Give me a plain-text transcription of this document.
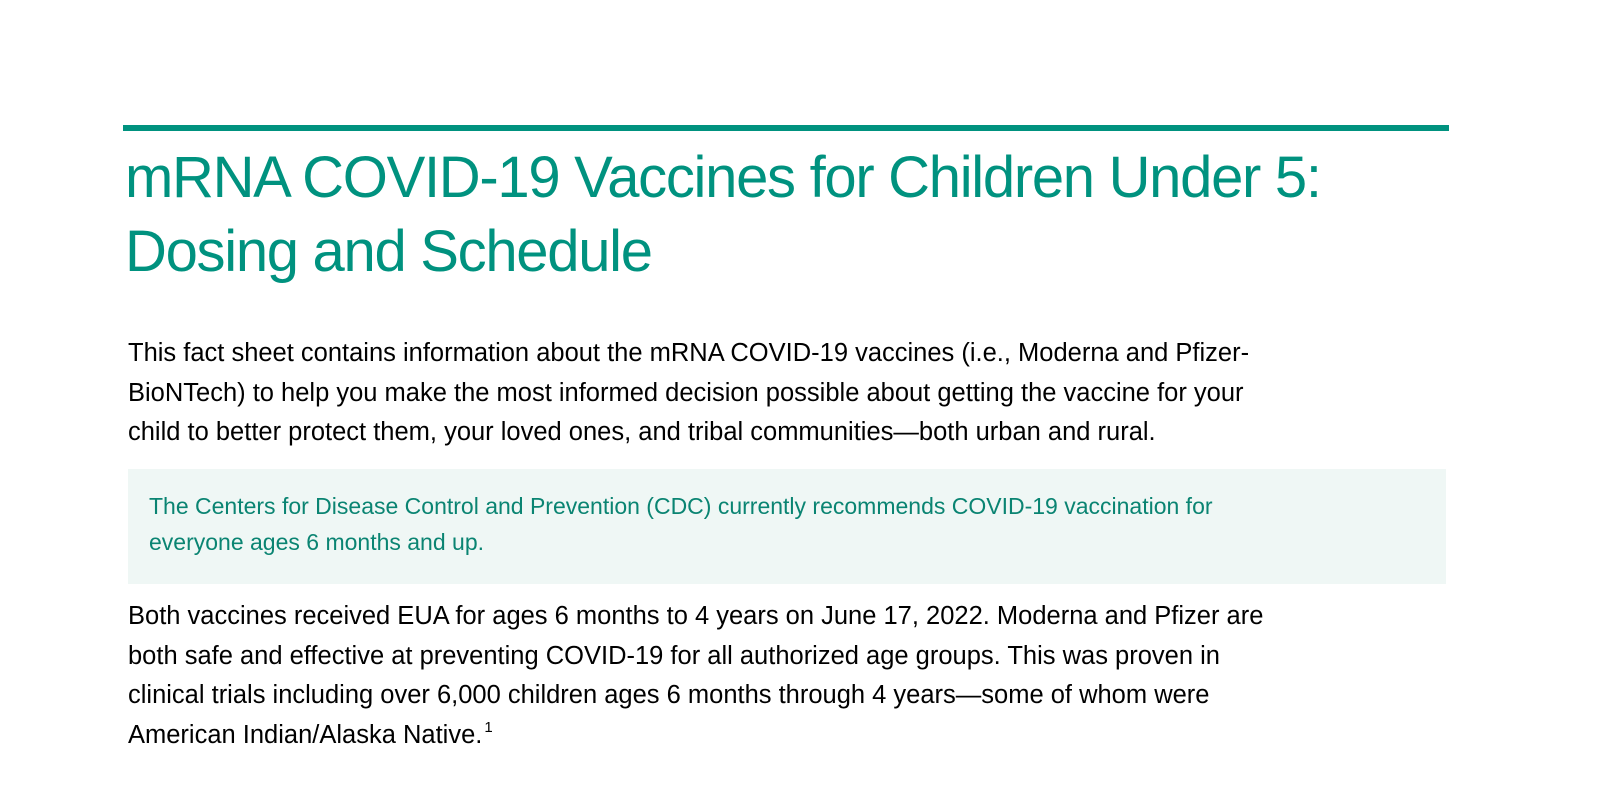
mRNA COVID-19 Vaccines for Children Under 5:
Dosing and Schedule

This fact sheet contains information about the mRNA COVID-19 vaccines (i.e., Moderna and Pfizer-
BioNTech) to help you make the most informed decision possible about getting the vaccine for your
child to better protect them, your loved ones, and tribal communities—both urban and rural.

The Centers for Disease Control and Prevention (CDC) currently recommends COVID-19 vaccination for
everyone ages 6 months and up.

Both vaccines received EUA for ages 6 months to 4 years on June 17, 2022. Moderna and Pfizer are
both safe and effective at preventing COVID-19 for all authorized age groups. This was proven in
clinical trials including over 6,000 children ages 6 months through 4 years—some of whom were
American Indian/Alaska Native. $^1$
